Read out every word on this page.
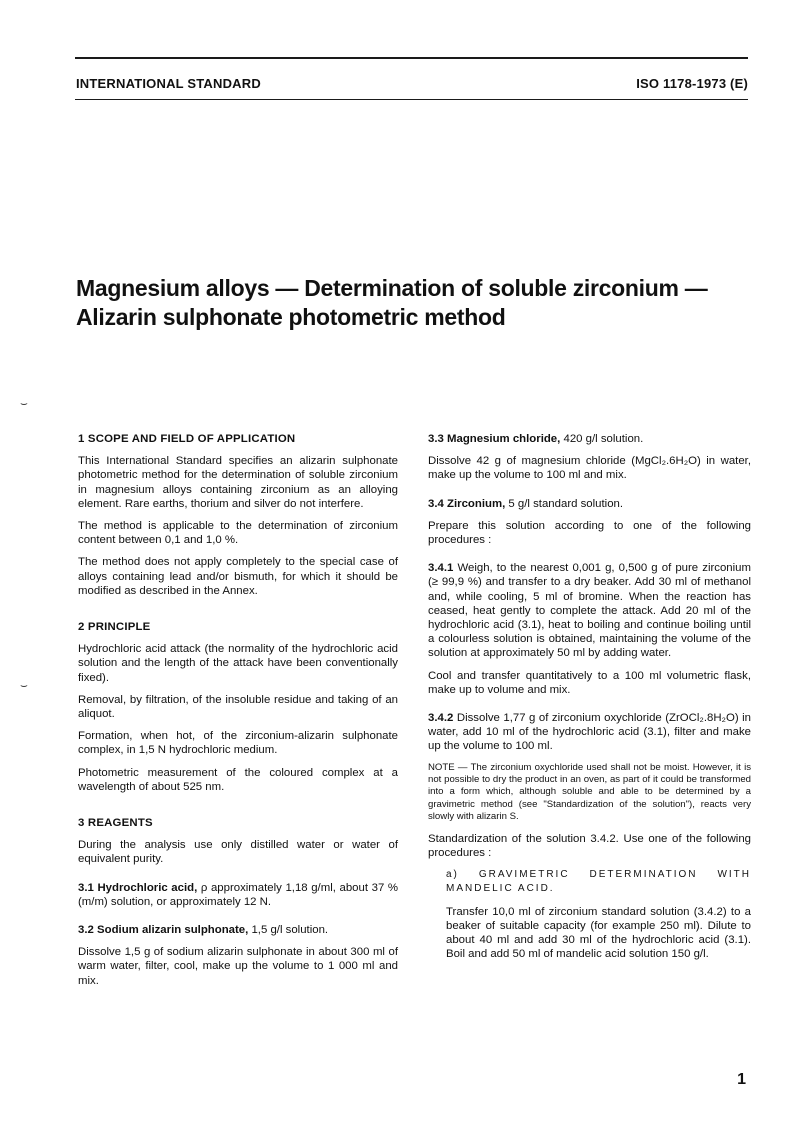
INTERNATIONAL STANDARD	ISO 1178-1973 (E)
Magnesium alloys — Determination of soluble zirconium —
Alizarin sulphonate photometric method
⌣
⌣

1 SCOPE AND FIELD OF APPLICATION

This International Standard specifies an alizarin sulphonate photometric method for the determination of soluble zirconium in magnesium alloys containing zirconium as an alloying element. Rare earths, thorium and silver do not interfere.

The method is applicable to the determination of zirconium content between 0,1 and 1,0 %.

The method does not apply completely to the special case of alloys containing lead and/or bismuth, for which it should be modified as described in the Annex.

2 PRINCIPLE

Hydrochloric acid attack (the normality of the hydrochloric acid solution and the length of the attack have been conventionally fixed).

Removal, by filtration, of the insoluble residue and taking of an aliquot.

Formation, when hot, of the zirconium-alizarin sulphonate complex, in 1,5 N hydrochloric medium.

Photometric measurement of the coloured complex at a wavelength of about 525 nm.

3 REAGENTS

During the analysis use only distilled water or water of equivalent purity.

3.1 Hydrochloric acid, ρ approximately 1,18 g/ml, about 37 % (m/m) solution, or approximately 12 N.

3.2 Sodium alizarin sulphonate, 1,5 g/l solution.

Dissolve 1,5 g of sodium alizarin sulphonate in about 300 ml of warm water, filter, cool, make up the volume to 1 000 ml and mix.

3.3 Magnesium chloride, 420 g/l solution.

Dissolve 42 g of magnesium chloride (MgCl₂.6H₂O) in water, make up the volume to 100 ml and mix.

3.4 Zirconium, 5 g/l standard solution.

Prepare this solution according to one of the following procedures :

3.4.1 Weigh, to the nearest 0,001 g, 0,500 g of pure zirconium (≥ 99,9 %) and transfer to a dry beaker. Add 30 ml of methanol and, while cooling, 5 ml of bromine. When the reaction has ceased, heat gently to complete the attack. Add 20 ml of the hydrochloric acid (3.1), heat to boiling and continue boiling until a colourless solution is obtained, maintaining the volume of the solution at approximately 50 ml by adding water.

Cool and transfer quantitatively to a 100 ml volumetric flask, make up to volume and mix.

3.4.2 Dissolve 1,77 g of zirconium oxychloride (ZrOCl₂.8H₂O) in water, add 10 ml of the hydrochloric acid (3.1), filter and make up the volume to 100 ml.

NOTE — The zirconium oxychloride used shall not be moist. However, it is not possible to dry the product in an oven, as part of it could be transformed into a form which, although soluble and able to be determined by a gravimetric method (see "Standardization of the solution"), reacts very slowly with alizarin S.

Standardization of the solution 3.4.2. Use one of the following procedures :

a) GRAVIMETRIC DETERMINATION WITH MANDELIC ACID.

Transfer 10,0 ml of zirconium standard solution (3.4.2) to a beaker of suitable capacity (for example 250 ml). Dilute to about 40 ml and add 30 ml of the hydrochloric acid (3.1). Boil and add 50 ml of mandelic acid solution 150 g/l.

1
